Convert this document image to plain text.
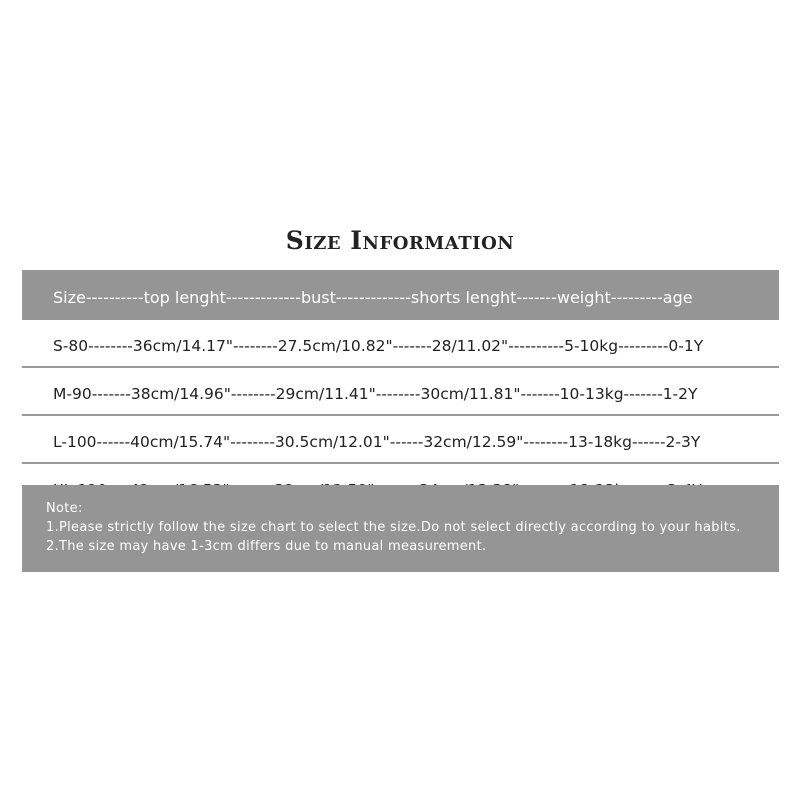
Size Information
Size----------top lenght-------------bust-------------shorts lenght-------weight---------age
S-80--------36cm/14.17"--------27.5cm/10.82"-------28/11.02"----------5-10kg---------0-1Y
M-90-------38cm/14.96"--------29cm/11.41"--------30cm/11.81"-------10-13kg-------1-2Y
L-100------40cm/15.74"--------30.5cm/12.01"------32cm/12.59"--------13-18kg------2-3Y
Note:
1.Please strictly follow the size chart to select the size.Do not select directly according to your habits.
2.The size may have 1-3cm differs due to manual measurement.
